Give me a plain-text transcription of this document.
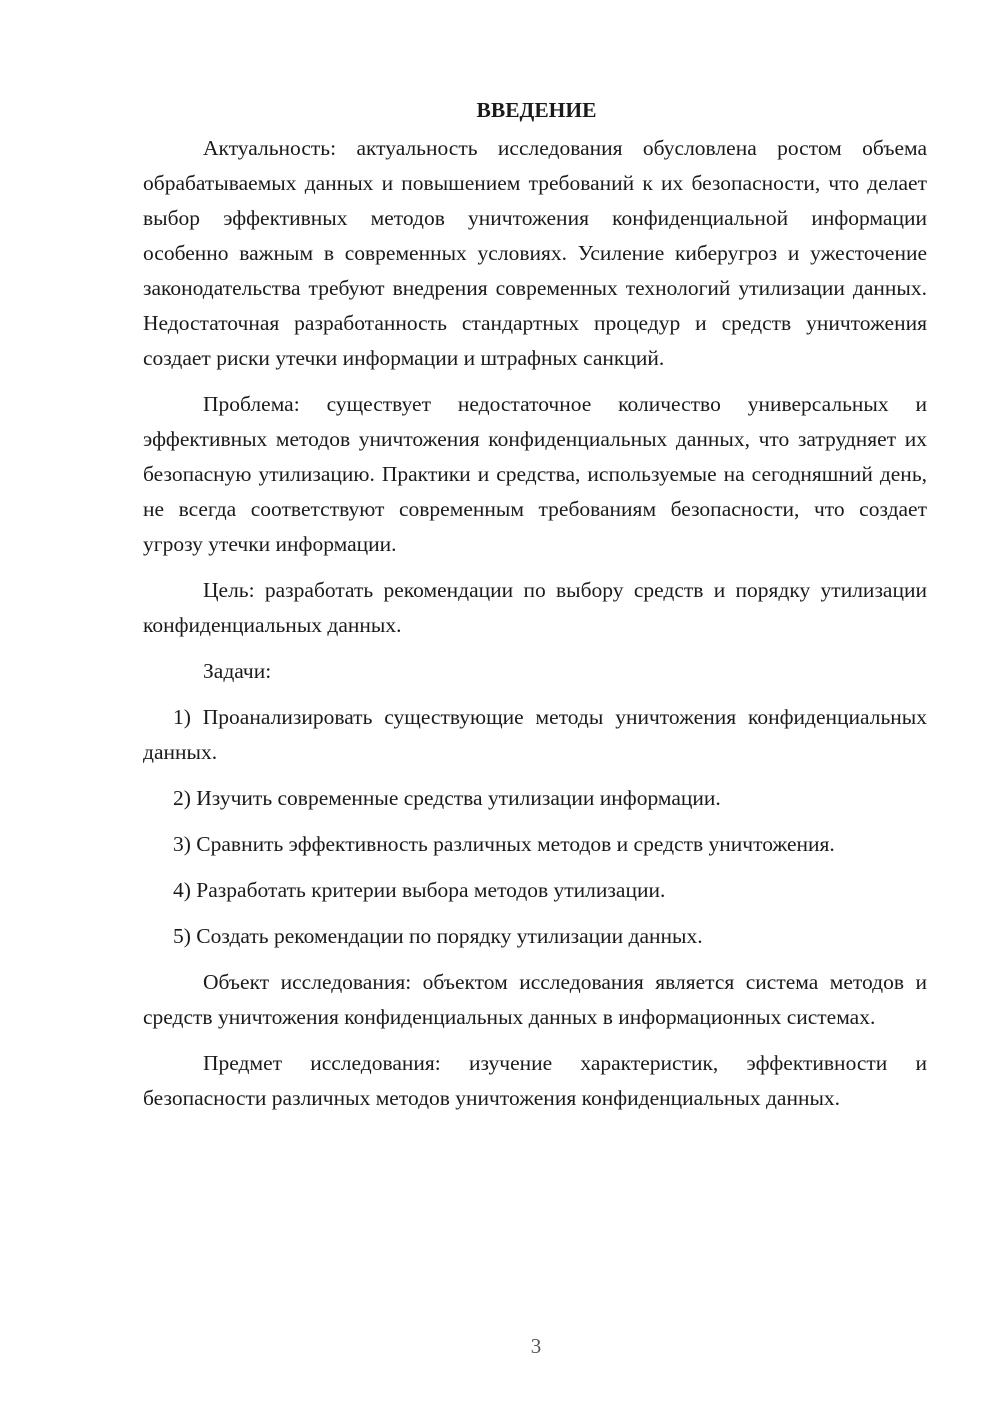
ВВЕДЕНИЕ

Актуальность: актуальность исследования обусловлена ростом объема обрабатываемых данных и повышением требований к их безопасности, что делает выбор эффективных методов уничтожения конфиденциальной информации особенно важным в современных условиях. Усиление киберугроз и ужесточение законодательства требуют внедрения современных технологий утилизации данных. Недостаточная разработанность стандартных процедур и средств уничтожения создает риски утечки информации и штрафных санкций.

Проблема: существует недостаточное количество универсальных и эффективных методов уничтожения конфиденциальных данных, что затрудняет их безопасную утилизацию. Практики и средства, используемые на сегодняшний день, не всегда соответствуют современным требованиям безопасности, что создает угрозу утечки информации.

Цель: разработать рекомендации по выбору средств и порядку утилизации конфиденциальных данных.

Задачи:

1) Проанализировать существующие методы уничтожения конфиденциальных данных.

2) Изучить современные средства утилизации информации.

3) Сравнить эффективность различных методов и средств уничтожения.

4) Разработать критерии выбора методов утилизации.

5) Создать рекомендации по порядку утилизации данных.

Объект исследования: объектом исследования является система методов и средств уничтожения конфиденциальных данных в информационных системах.

Предмет исследования: изучение характеристик, эффективности и безопасности различных методов уничтожения конфиденциальных данных.

3
